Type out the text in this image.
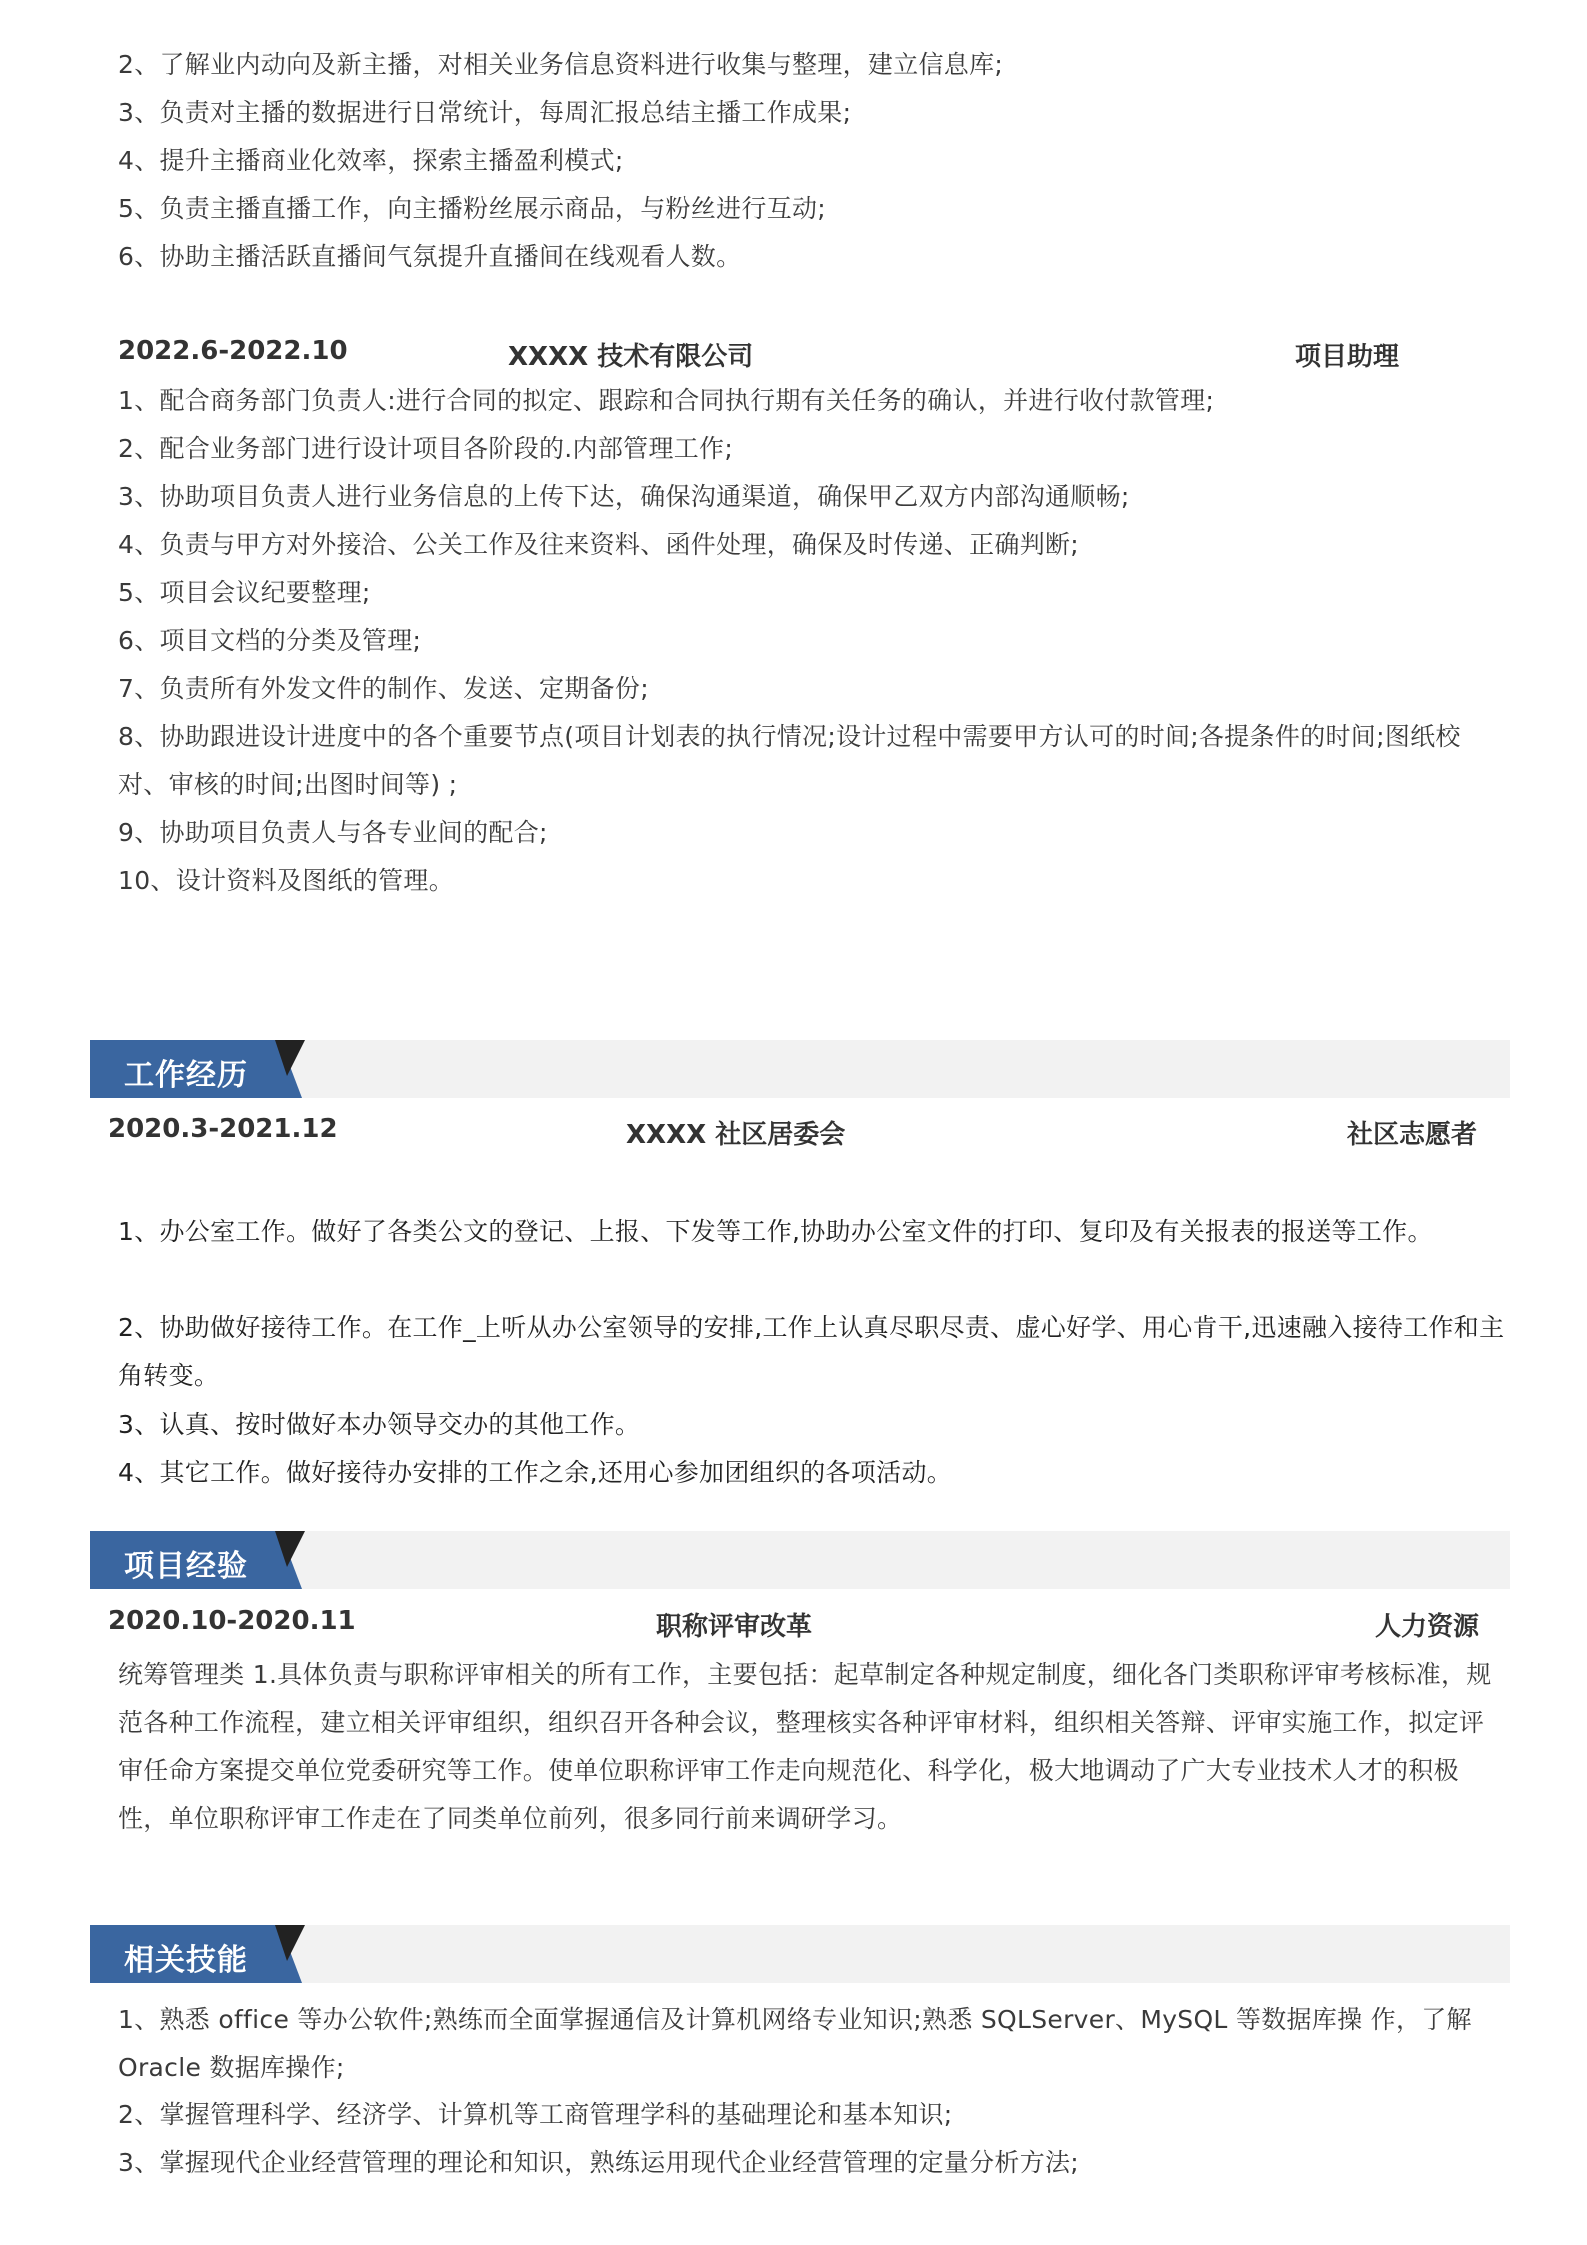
2、了解业内动向及新主播，对相关业务信息资料进行收集与整理，建立信息库;
3、负责对主播的数据进行日常统计，每周汇报总结主播工作成果;
4、提升主播商业化效率，探索主播盈利模式;
5、负责主播直播工作，向主播粉丝展示商品，与粉丝进行互动;
6、协助主播活跃直播间气氛提升直播间在线观看人数。
2022.6-2022.10	XXXX 技术有限公司	项目助理
1、配合商务部门负责人:进行合同的拟定、跟踪和合同执行期有关任务的确认，并进行收付款管理;
2、配合业务部门进行设计项目各阶段的.内部管理工作;
3、协助项目负责人进行业务信息的上传下达，确保沟通渠道，确保甲乙双方内部沟通顺畅;
4、负责与甲方对外接洽、公关工作及往来资料、函件处理，确保及时传递、正确判断;
5、项目会议纪要整理;
6、项目文档的分类及管理;
7、负责所有外发文件的制作、发送、定期备份;
8、协助跟进设计进度中的各个重要节点(项目计划表的执行情况;设计过程中需要甲方认可的时间;各提条件的时间;图纸校对、审核的时间;出图时间等) ;
9、协助项目负责人与各专业间的配合;
10、设计资料及图纸的管理。
工作经历
2020.3-2021.12	XXXX 社区居委会	社区志愿者
1、办公室工作。做好了各类公文的登记、上报、下发等工作,协助办公室文件的打印、复印及有关报表的报送等工作。
2、协助做好接待工作。在工作_上听从办公室领导的安排,工作上认真尽职尽责、虚心好学、用心肯干,迅速融入接待工作和主角转变。
3、认真、按时做好本办领导交办的其他工作。
4、其它工作。做好接待办安排的工作之余,还用心参加团组织的各项活动。
项目经验
2020.10-2020.11	职称评审改革	人力资源
统筹管理类 1.具体负责与职称评审相关的所有工作，主要包括：起草制定各种规定制度，细化各门类职称评审考核标准，规范各种工作流程，建立相关评审组织，组织召开各种会议，整理核实各种评审材料，组织相关答辩、评审实施工作，拟定评审任命方案提交单位党委研究等工作。使单位职称评审工作走向规范化、科学化，极大地调动了广大专业技术人才的积极性，单位职称评审工作走在了同类单位前列，很多同行前来调研学习。
相关技能
1、熟悉 office 等办公软件;熟练而全面掌握通信及计算机网络专业知识;熟悉 SQLServer、MySQL 等数据库操 作，了解 Oracle 数据库操作;
2、掌握管理科学、经济学、计算机等工商管理学科的基础理论和基本知识;
3、掌握现代企业经营管理的理论和知识，熟练运用现代企业经营管理的定量分析方法;
